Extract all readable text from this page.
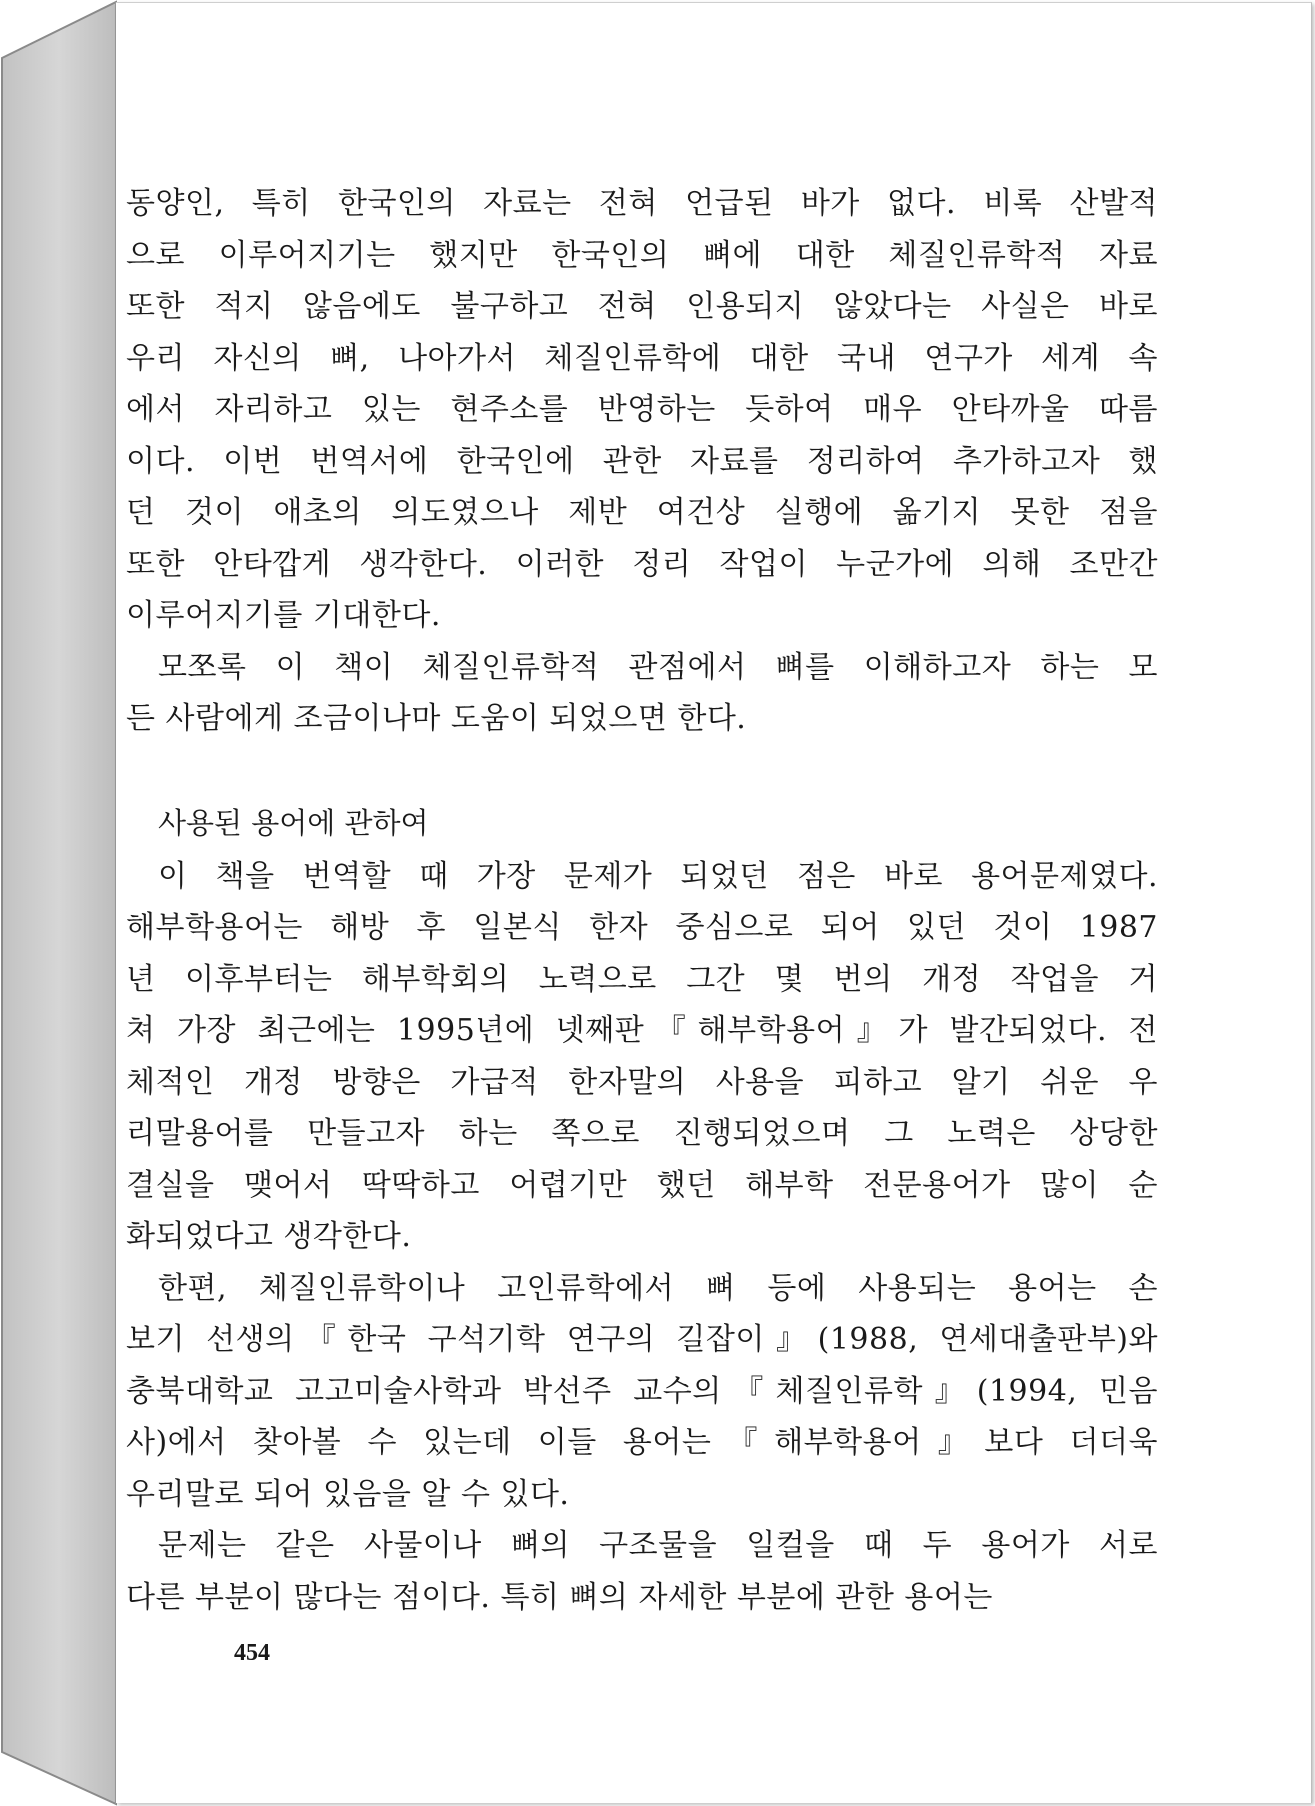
동양인, 특히 한국인의 자료는 전혀 언급된 바가 없다. 비록 산발적
으로 이루어지기는 했지만 한국인의 뼈에 대한 체질인류학적 자료
또한 적지 않음에도 불구하고 전혀 인용되지 않았다는 사실은 바로
우리 자신의 뼈, 나아가서 체질인류학에 대한 국내 연구가 세계 속
에서 자리하고 있는 현주소를 반영하는 듯하여 매우 안타까울 따름
이다. 이번 번역서에 한국인에 관한 자료를 정리하여 추가하고자 했
던 것이 애초의 의도였으나 제반 여건상 실행에 옮기지 못한 점을
또한 안타깝게 생각한다. 이러한 정리 작업이 누군가에 의해 조만간
이루어지기를 기대한다.
모쪼록 이 책이 체질인류학적 관점에서 뼈를 이해하고자 하는 모
든 사람에게 조금이나마 도움이 되었으면 한다.
사용된 용어에 관하여
이 책을 번역할 때 가장 문제가 되었던 점은 바로 용어문제였다.
해부학용어는 해방 후 일본식 한자 중심으로 되어 있던 것이 1987
년 이후부터는 해부학회의 노력으로 그간 몇 번의 개정 작업을 거
쳐 가장 최근에는 1995년에 넷째판『해부학용어』가 발간되었다. 전
체적인 개정 방향은 가급적 한자말의 사용을 피하고 알기 쉬운 우
리말용어를 만들고자 하는 쪽으로 진행되었으며 그 노력은 상당한
결실을 맺어서 딱딱하고 어렵기만 했던 해부학 전문용어가 많이 순
화되었다고 생각한다.
한편, 체질인류학이나 고인류학에서 뼈 등에 사용되는 용어는 손
보기 선생의『한국 구석기학 연구의 길잡이』(1988, 연세대출판부)와
충북대학교 고고미술사학과 박선주 교수의『체질인류학』(1994, 민음
사)에서 찾아볼 수 있는데 이들 용어는『해부학용어』보다 더더욱
우리말로 되어 있음을 알 수 있다.
문제는 같은 사물이나 뼈의 구조물을 일컬을 때 두 용어가 서로
다른 부분이 많다는 점이다. 특히 뼈의 자세한 부분에 관한 용어는
454
